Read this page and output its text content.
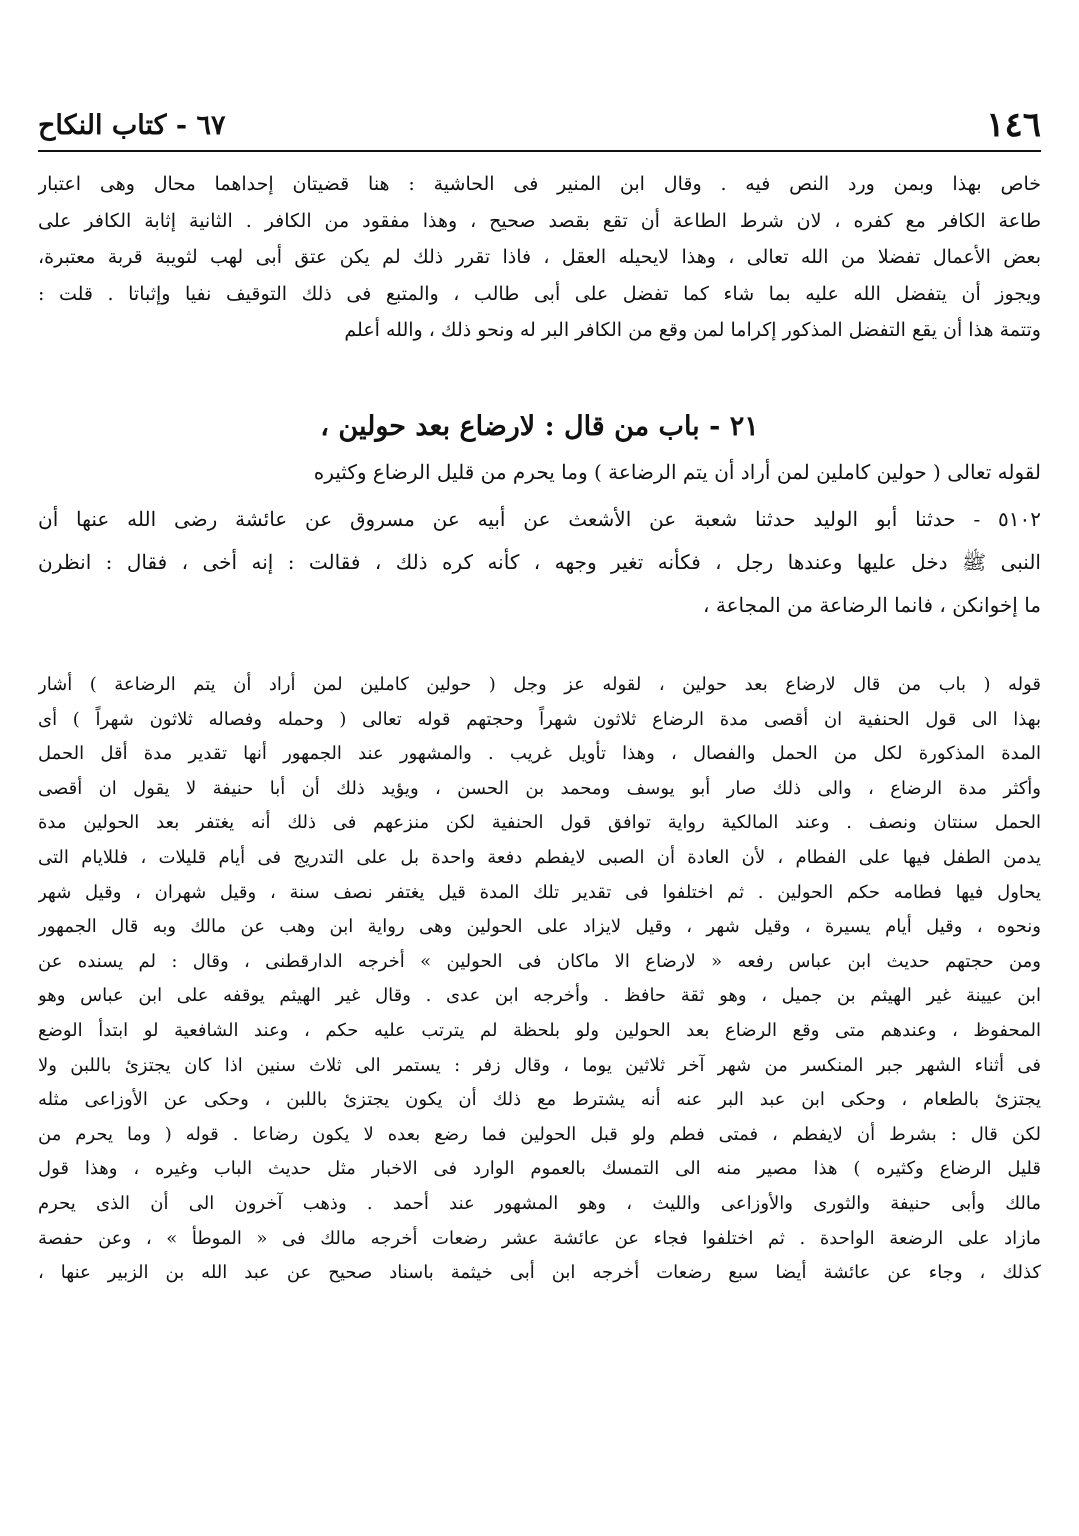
١٤٦
٦٧ - كتاب النكاح
خاص بهذا وبمن ورد النص فيه . وقال ابن المنير فى الحاشية : هنا قضيتان إحداهما محال وهى اعتبار
طاعة الكافر مع كفره ، لان شرط الطاعة أن تقع بقصد صحيح ، وهذا مفقود من الكافر . الثانية إثابة الكافر على
بعض الأعمال تفضلا من الله تعالى ، وهذا لايحيله العقل ، فاذا تقرر ذلك لم يكن عتق أبى لهب لثويبة قربة معتبرة،
ويجوز أن يتفضل الله عليه بما شاء كما تفضل على أبى طالب ، والمتبع فى ذلك التوقيف نفيا وإثباتا . قلت :
وتتمة هذا أن يقع التفضل المذكور إكراما لمن وقع من الكافر البر له ونحو ذلك ، والله أعلم
٢١ - باب من قال : لارضاع بعد حولين ،
لقوله تعالى ( حولين كاملين لمن أراد أن يتم الرضاعة ) وما يحرم من قليل الرضاع وكثيره
٥١٠٢ - حدثنا أبو الوليد حدثنا شعبة عن الأشعث عن أبيه عن مسروق عن عائشة رضى الله عنها أن
النبى ﷺ دخل عليها وعندها رجل ، فكأنه تغير وجهه ، كأنه كره ذلك ، فقالت : إنه أخى ، فقال : انظرن
ما إخوانكن ، فانما الرضاعة من المجاعة ،
قوله ( باب من قال لارضاع بعد حولين ، لقوله عز وجل ( حولين كاملين لمن أراد أن يتم الرضاعة ) أشار
بهذا الى قول الحنفية ان أقصى مدة الرضاع ثلاثون شهراً وحجتهم قوله تعالى ( وحمله وفصاله ثلاثون شهراً ) أى
المدة المذكورة لكل من الحمل والفصال ، وهذا تأويل غريب . والمشهور عند الجمهور أنها تقدير مدة أقل الحمل
وأكثر مدة الرضاع ، والى ذلك صار أبو يوسف ومحمد بن الحسن ، ويؤيد ذلك أن أبا حنيفة لا يقول ان أقصى
الحمل سنتان ونصف . وعند المالكية رواية توافق قول الحنفية لكن منزعهم فى ذلك أنه يغتفر بعد الحولين مدة
يدمن الطفل فيها على الفطام ، لأن العادة أن الصبى لايفطم دفعة واحدة بل على التدريج فى أيام قليلات ، فللايام التى
يحاول فيها فطامه حكم الحولين . ثم اختلفوا فى تقدير تلك المدة قيل يغتفر نصف سنة ، وقيل شهران ، وقيل شهر
ونحوه ، وقيل أيام يسيرة ، وقيل شهر ، وقيل لايزاد على الحولين وهى رواية ابن وهب عن مالك وبه قال الجمهور
ومن حجتهم حديث ابن عباس رفعه « لارضاع الا ماكان فى الحولين » أخرجه الدارقطنى ، وقال : لم يسنده عن
ابن عيينة غير الهيثم بن جميل ، وهو ثقة حافظ . وأخرجه ابن عدى . وقال غير الهيثم يوقفه على ابن عباس وهو
المحفوظ ، وعندهم متى وقع الرضاع بعد الحولين ولو بلحظة لم يترتب عليه حكم ، وعند الشافعية لو ابتدأ الوضع
فى أثناء الشهر جبر المنكسر من شهر آخر ثلاثين يوما ، وقال زفر : يستمر الى ثلاث سنين اذا كان يجتزئ باللبن ولا
يجتزئ بالطعام ، وحكى ابن عبد البر عنه أنه يشترط مع ذلك أن يكون يجتزئ باللبن ، وحكى عن الأوزاعى مثله
لكن قال : بشرط أن لايفطم ، فمتى فطم ولو قبل الحولين فما رضع بعده لا يكون رضاعا . قوله ( وما يحرم من
قليل الرضاع وكثيره ) هذا مصير منه الى التمسك بالعموم الوارد فى الاخبار مثل حديث الباب وغيره ، وهذا قول
مالك وأبى حنيفة والثورى والأوزاعى والليث ، وهو المشهور عند أحمد . وذهب آخرون الى أن الذى يحرم
مازاد على الرضعة الواحدة . ثم اختلفوا فجاء عن عائشة عشر رضعات أخرجه مالك فى « الموطأ » ، وعن حفصة
كذلك ، وجاء عن عائشة أيضا سبع رضعات أخرجه ابن أبى خيثمة باسناد صحيح عن عبد الله بن الزبير عنها ،
